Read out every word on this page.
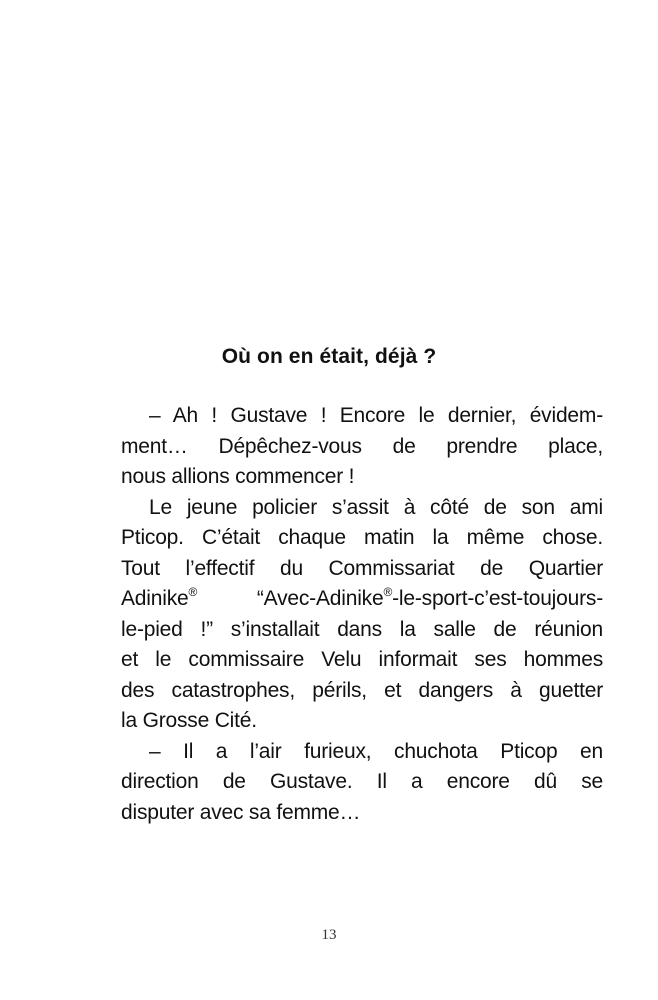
Où on en était, déjà ?
– Ah ! Gustave ! Encore le dernier, évidem-
ment… Dépêchez-vous de prendre place,
nous allions commencer !
Le jeune policier s’assit à côté de son ami
Pticop. C’était chaque matin la même chose.
Tout l’effectif du Commissariat de Quartier
Adinike® “Avec-Adinike®-le-sport-c’est-toujours-
le-pied !” s’installait dans la salle de réunion
et le commissaire Velu informait ses hommes
des catastrophes, périls, et dangers à guetter
la Grosse Cité.
– Il a l’air furieux, chuchota Pticop en
direction de Gustave. Il a encore dû se
disputer avec sa femme…
13
